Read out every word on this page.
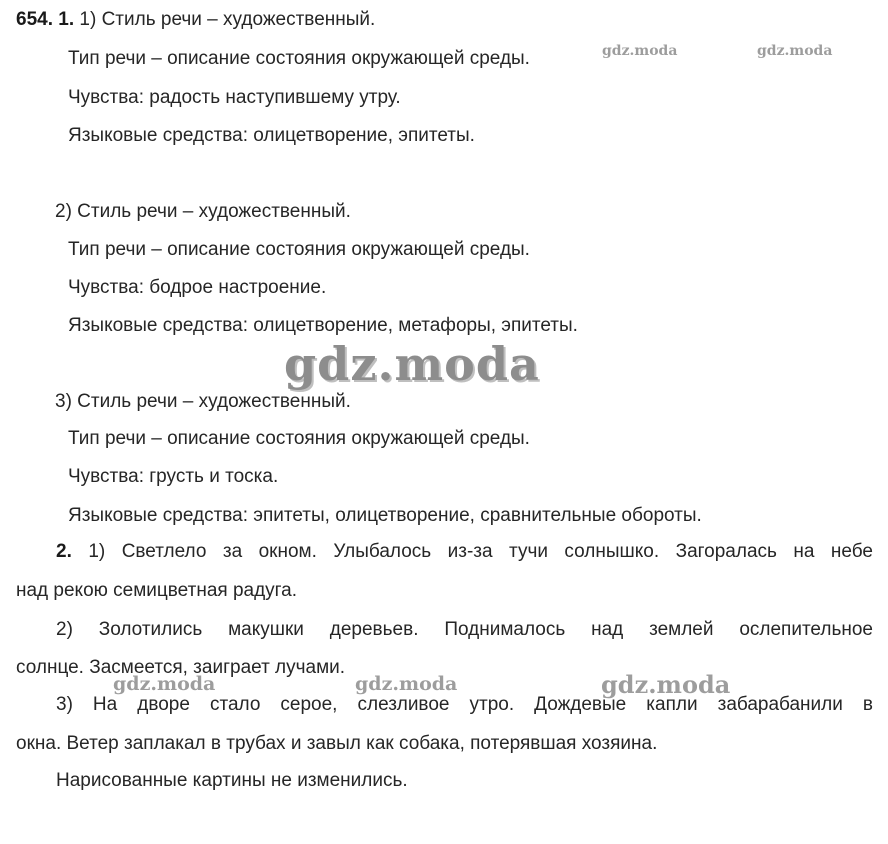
654. 1. 1) Стиль речи – художественный.
Тип речи – описание состояния окружающей среды.
Чувства: радость наступившему утру.
Языковые средства: олицетворение, эпитеты.
2) Стиль речи – художественный.
Тип речи – описание состояния окружающей среды.
Чувства: бодрое настроение.
Языковые средства: олицетворение, метафоры, эпитеты.
3) Стиль речи – художественный.
Тип речи – описание состояния окружающей среды.
Чувства: грусть и тоска.
Языковые средства: эпитеты, олицетворение, сравнительные обороты.
2. 1) Светлело за окном. Улыбалось из-за тучи солнышко. Загоралась на небе
над рекою семицветная радуга.
2) Золотились макушки деревьев. Поднималось над землей ослепительное
солнце. Засмеется, заиграет лучами.
3) На дворе стало серое, слезливое утро. Дождевые капли забарабанили в
окна. Ветер заплакал в трубах и завыл как собака, потерявшая хозяина.
Нарисованные картины не изменились.
gdz.moda	gdz.moda
gdz.moda
gdz.moda	gdz.moda	gdz.moda
